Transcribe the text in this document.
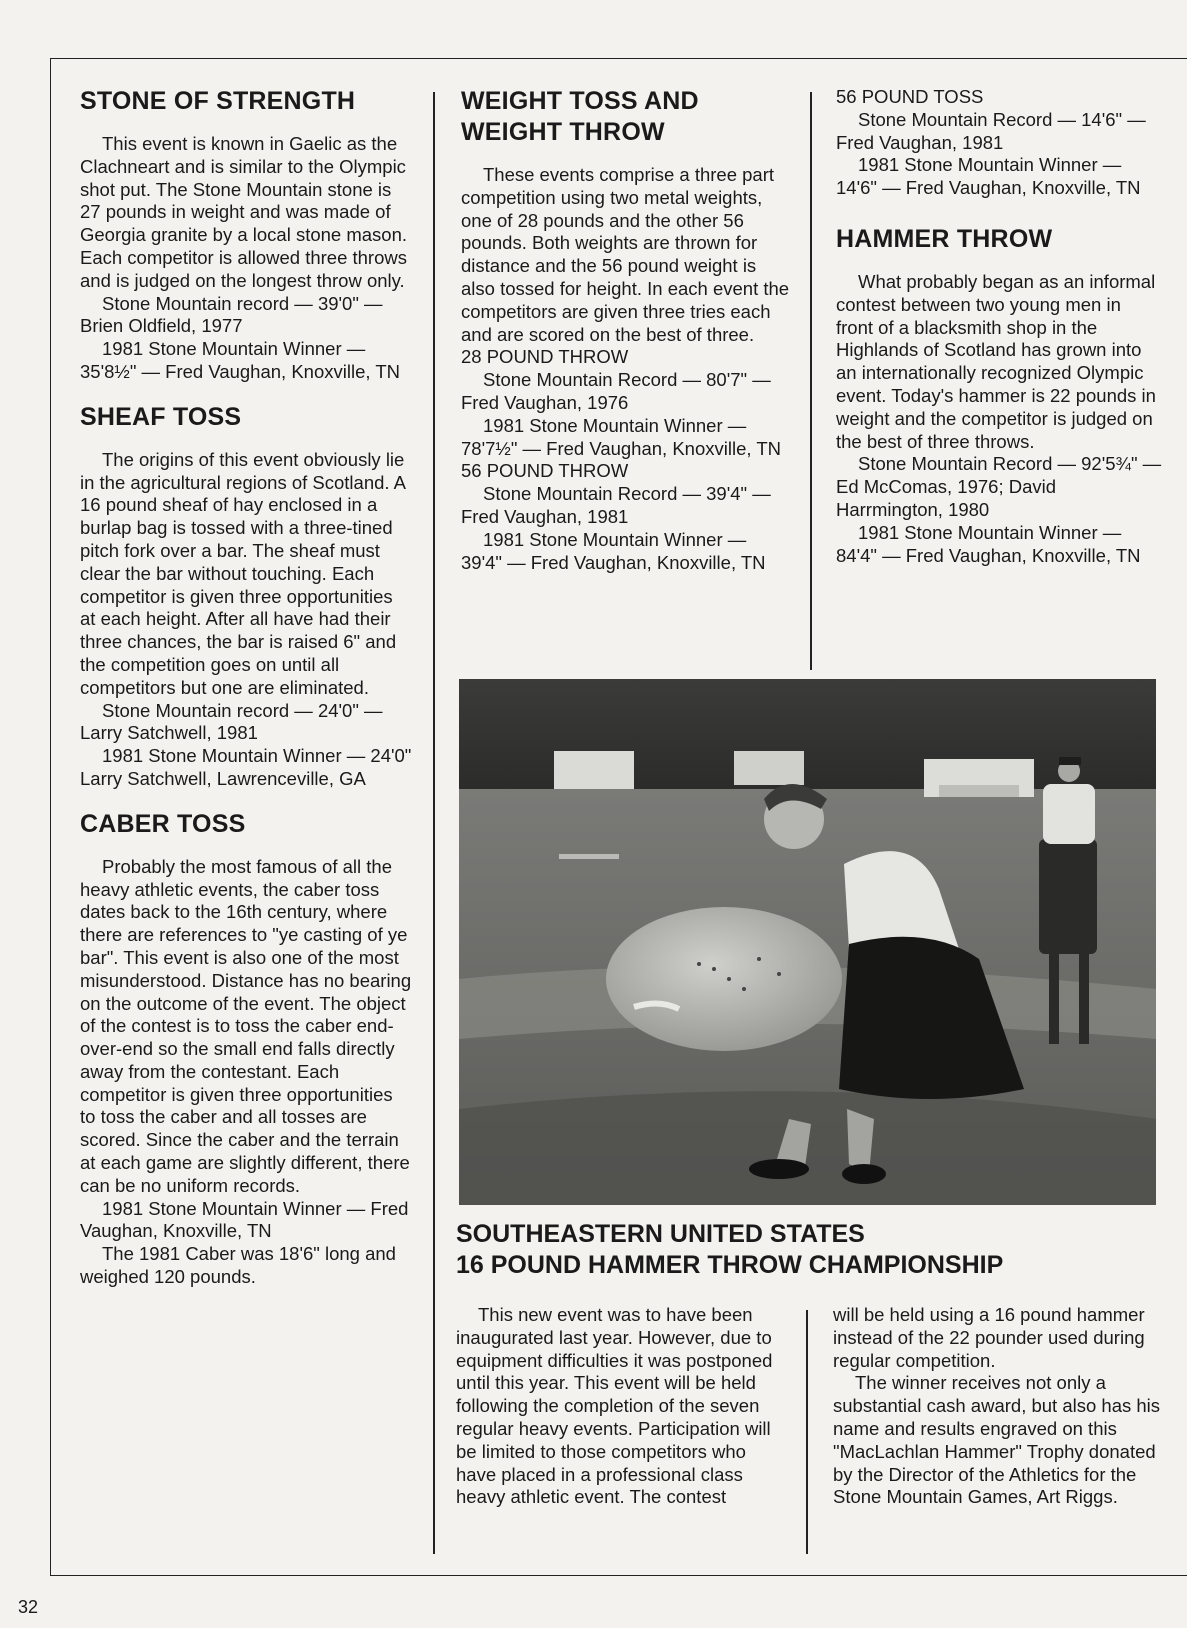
STONE OF STRENGTH

This event is known in Gaelic as the Clachneart and is similar to the Olympic shot put. The Stone Mountain stone is 27 pounds in weight and was made of Georgia granite by a local stone mason. Each competitor is allowed three throws and is judged on the longest throw only.

Stone Mountain record — 39'0" — Brien Oldfield, 1977

1981 Stone Mountain Winner — 35'8½" — Fred Vaughan, Knoxville, TN

SHEAF TOSS

The origins of this event obviously lie in the agricultural regions of Scotland. A 16 pound sheaf of hay enclosed in a burlap bag is tossed with a three-tined pitch fork over a bar. The sheaf must clear the bar without touching. Each competitor is given three opportunities at each height. After all have had their three chances, the bar is raised 6" and the competition goes on until all competitors but one are eliminated.

Stone Mountain record — 24'0" — Larry Satchwell, 1981

1981 Stone Mountain Winner — 24'0" Larry Satchwell, Lawrenceville, GA

CABER TOSS

Probably the most famous of all the heavy athletic events, the caber toss dates back to the 16th century, where there are references to "ye casting of ye bar". This event is also one of the most misunderstood. Distance has no bearing on the outcome of the event. The object of the contest is to toss the caber end-over-end so the small end falls directly away from the contestant. Each competitor is given three opportunities to toss the caber and all tosses are scored. Since the caber and the terrain at each game are slightly different, there can be no uniform records.

1981 Stone Mountain Winner — Fred Vaughan, Knoxville, TN

The 1981 Caber was 18'6" long and weighed 120 pounds.

WEIGHT TOSS AND
WEIGHT THROW

These events comprise a three part competition using two metal weights, one of 28 pounds and the other 56 pounds. Both weights are thrown for distance and the 56 pound weight is also tossed for height. In each event the competitors are given three tries each and are scored on the best of three.

28 POUND THROW

Stone Mountain Record — 80'7" — Fred Vaughan, 1976

1981 Stone Mountain Winner — 78'7½" — Fred Vaughan, Knoxville, TN

56 POUND THROW

Stone Mountain Record — 39'4" — Fred Vaughan, 1981

1981 Stone Mountain Winner — 39'4" — Fred Vaughan, Knoxville, TN

56 POUND TOSS

Stone Mountain Record — 14'6" — Fred Vaughan, 1981

1981 Stone Mountain Winner — 14'6" — Fred Vaughan, Knoxville, TN

HAMMER THROW

What probably began as an informal contest between two young men in front of a blacksmith shop in the Highlands of Scotland has grown into an internationally recognized Olympic event. Today's hammer is 22 pounds in weight and the competitor is judged on the best of three throws.

Stone Mountain Record — 92'5¾" — Ed McComas, 1976; David Harrmington, 1980

1981 Stone Mountain Winner — 84'4" — Fred Vaughan, Knoxville, TN

SOUTHEASTERN UNITED STATES
16 POUND HAMMER THROW CHAMPIONSHIP

This new event was to have been inaugurated last year. However, due to equipment difficulties it was postponed until this year. This event will be held following the completion of the seven regular heavy events. Participation will be limited to those competitors who have placed in a professional class heavy athletic event. The contest

will be held using a 16 pound hammer instead of the 22 pounder used during regular competition.

The winner receives not only a substantial cash award, but also has his name and results engraved on this "MacLachlan Hammer" Trophy donated by the Director of the Athletics for the Stone Mountain Games, Art Riggs.

32
